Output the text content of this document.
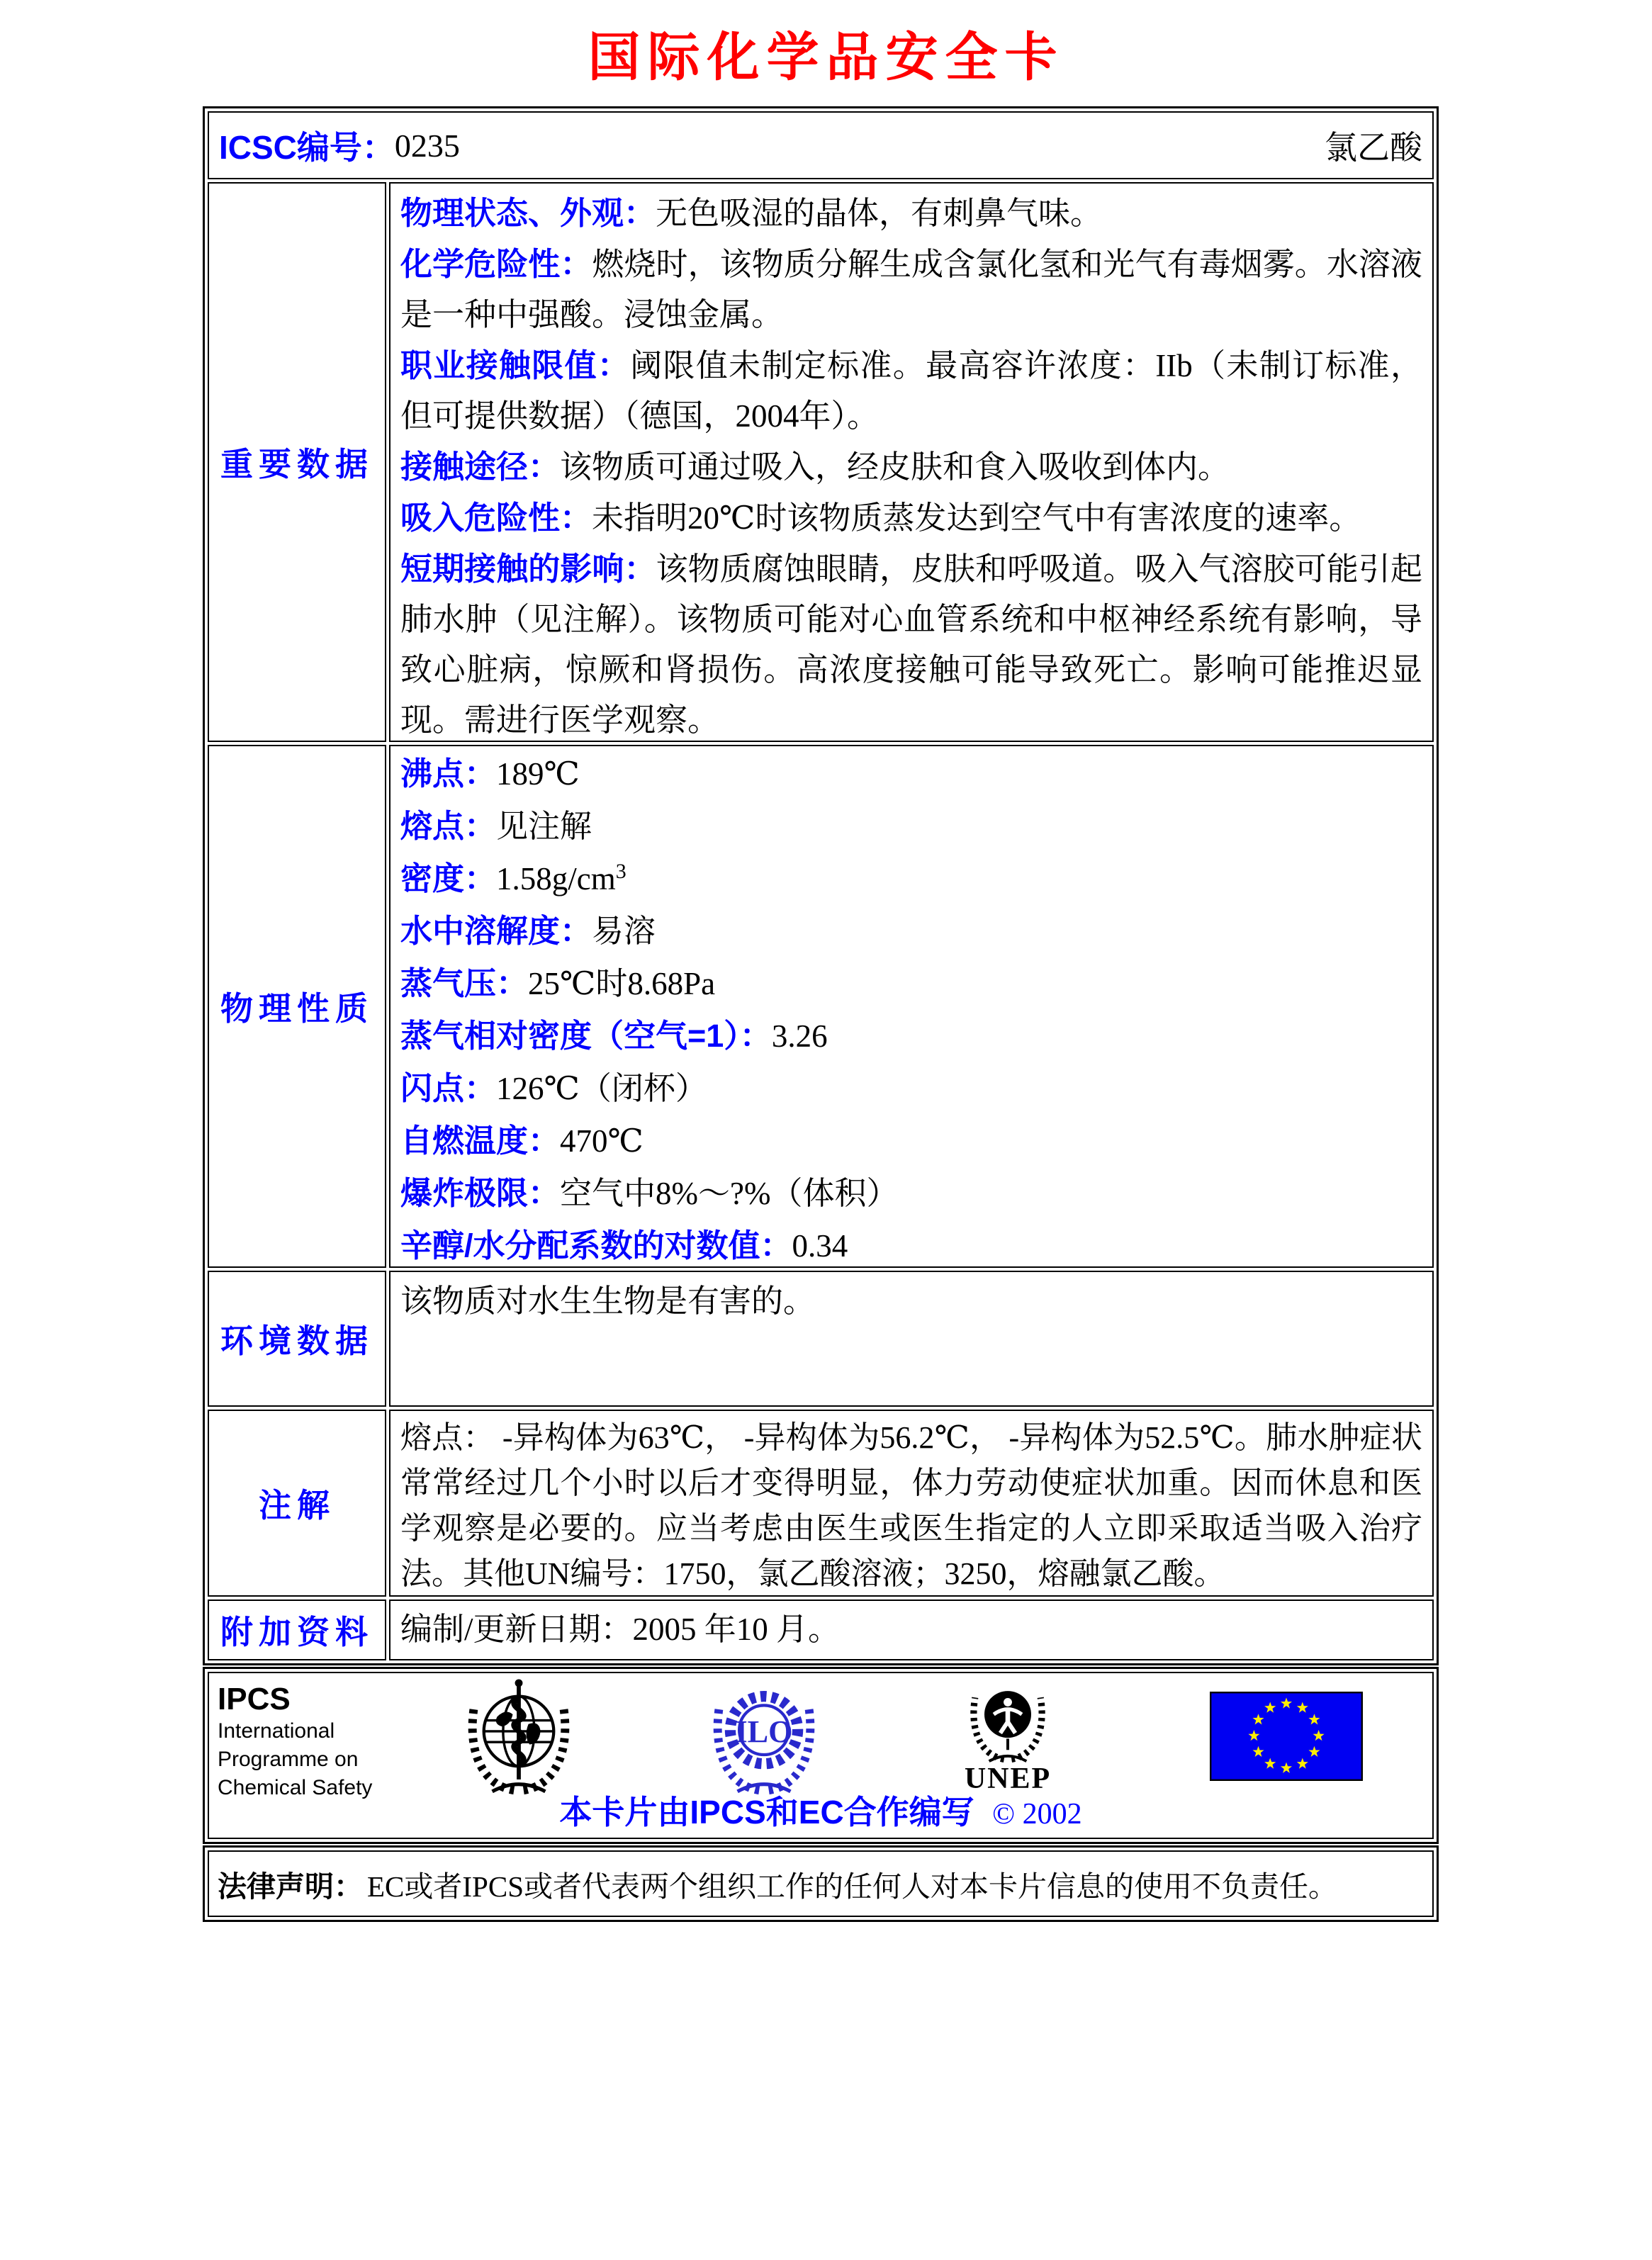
国际化学品安全卡
ICSC编号： 0235	氯乙酸
重要数据

物理状态、外观：无色吸湿的晶体，有刺鼻气味。

化学危险性：燃烧时，该物质分解生成含氯化氢和光气有毒烟雾。水溶液是一种中强酸。浸蚀金属。

职业接触限值：阈限值未制定标准。最高容许浓度：IIb（未制订标准，但可提供数据）（德国，2004年）。

接触途径：该物质可通过吸入，经皮肤和食入吸收到体内。

吸入危险性：未指明20℃时该物质蒸发达到空气中有害浓度的速率。

短期接触的影响：该物质腐蚀眼睛，皮肤和呼吸道。吸入气溶胶可能引起肺水肿（见注解）。该物质可能对心血管系统和中枢神经系统有影响，导致心脏病，惊厥和肾损伤。高浓度接触可能导致死亡。影响可能推迟显现。需进行医学观察。

物理性质

沸点：189℃

熔点：见注解

密度：$1.58g/cm^3$

水中溶解度：易溶

蒸气压：25℃时8.68Pa

蒸气相对密度（空气=1）：3.26

闪点：126℃（闭杯）

自燃温度：470℃

爆炸极限：空气中8%～?%（体积）

辛醇/水分配系数的对数值：0.34

环境数据

该物质对水生生物是有害的。

注解

熔点： -异构体为63℃， -异构体为56.2℃， -异构体为52.5℃。肺水肿症状常常经过几个小时以后才变得明显，体力劳动使症状加重。因而休息和医学观察是必要的。应当考虑由医生或医生指定的人立即采取适当吸入治疗法。其他UN编号：1750，氯乙酸溶液；3250，熔融氯乙酸。

附加资料 编制/更新日期：2005 年10 月。

IPCS
International
Programme on
Chemical Safety
ILO
UNEP
本卡片由IPCS和EC合作编写 © 2002
法律声明： EC或者IPCS或者代表两个组织工作的任何人对本卡片信息的使用不负责任。
